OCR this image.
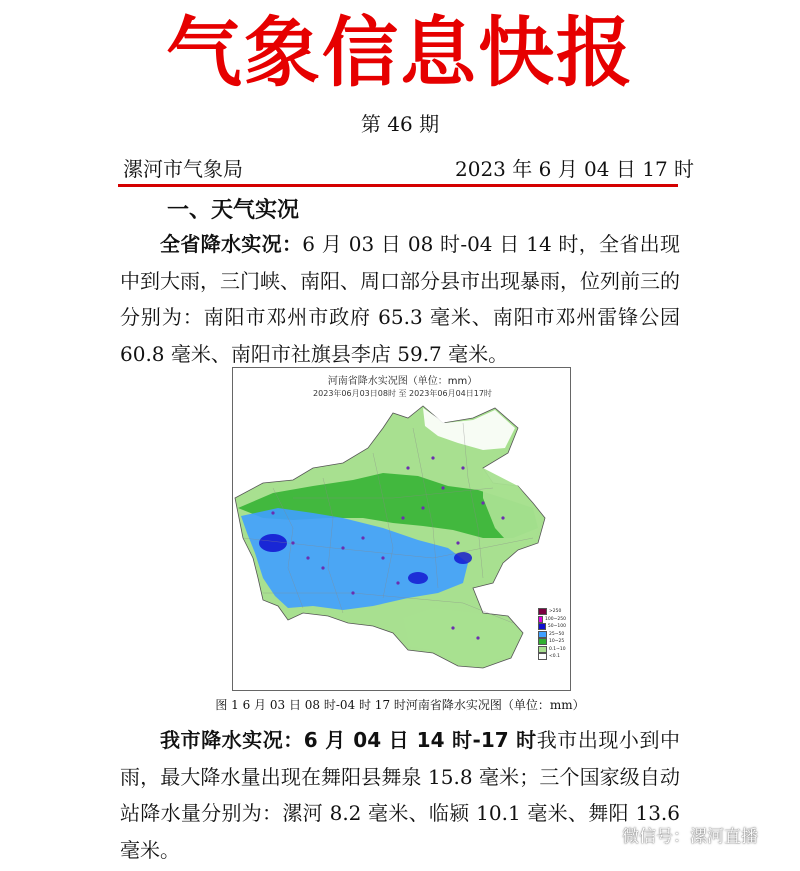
气象信息快报
第 46 期
漯河市气象局	2023 年 6 月 04 日 17 时
一、天气实况
全省降水实况：6 月 03 日 08 时-04 日 14 时，全省出现中到大雨，三门峡、南阳、周口部分县市出现暴雨，位列前三的分别为：南阳市邓州市政府 65.3 毫米、南阳市邓州雷锋公园 60.8 毫米、南阳市社旗县李店 59.7 毫米。
河南省降水实况图（单位：mm）
2023年06月03日08时 至 2023年06月04日17时
>250
100~250
50~100
25~50
10~25
0.1~10
<0.1
图 1 6 月 03 日 08 时-04 时 17 时河南省降水实况图（单位：mm）
我市降水实况：6 月 04 日 14 时-17 时我市出现小到中雨，最大降水量出现在舞阳县舞泉 15.8 毫米；三个国家级自动站降水量分别为：漯河 8.2 毫米、临颍 10.1 毫米、舞阳 13.6 毫米。
微信号：漯河直播
